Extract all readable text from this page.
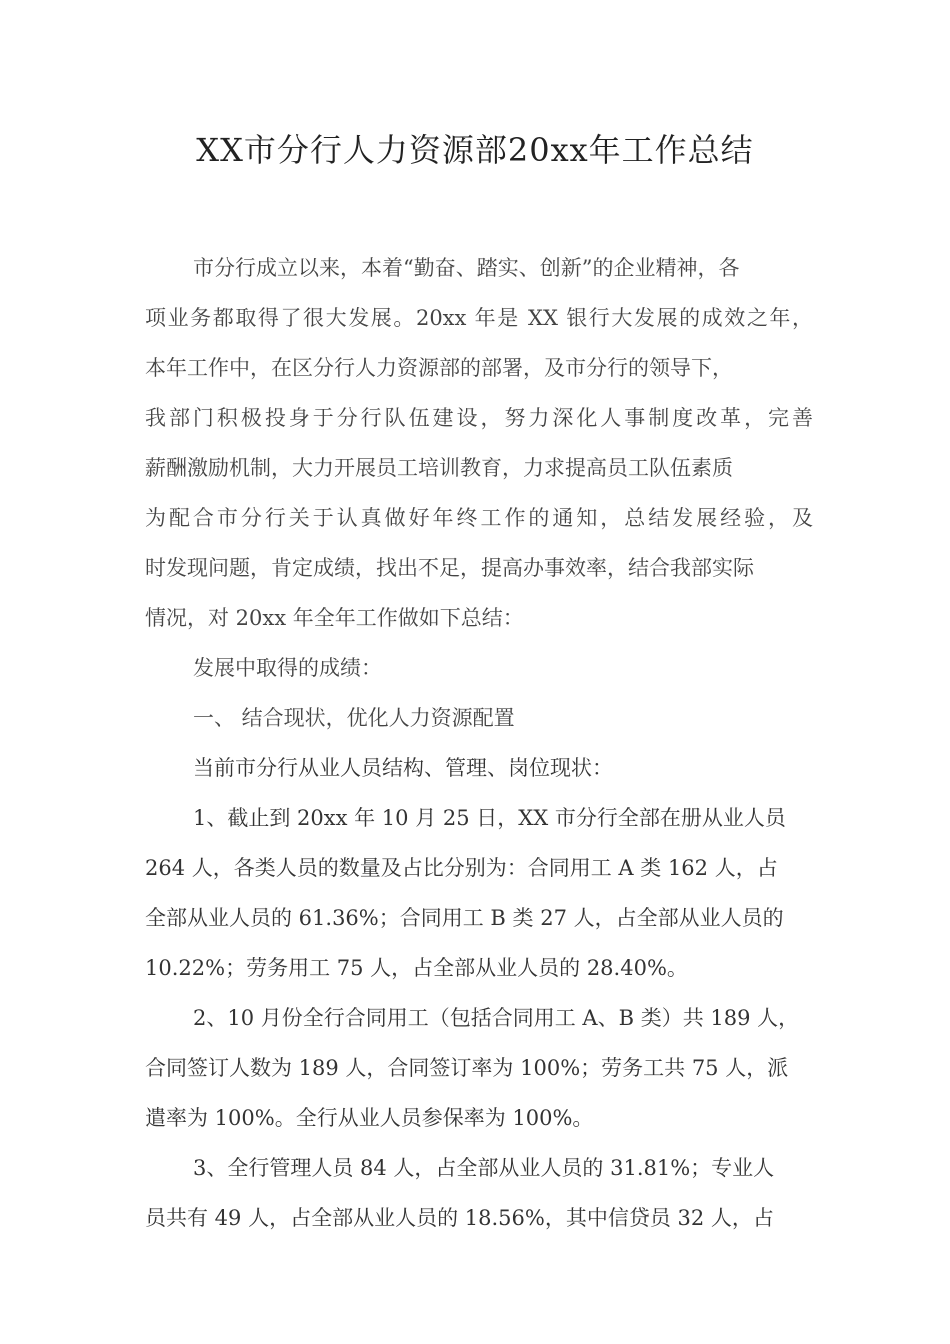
XX市分行人力资源部20xx年工作总结
市分行成立以来，本着“勤奋、踏实、创新”的企业精神，各
项业务都取得了很大发展。20xx 年是 XX 银行大发展的成效之年，
本年工作中，在区分行人力资源部的部署，及市分行的领导下，
我部门积极投身于分行队伍建设，努力深化人事制度改革，完善
薪酬激励机制，大力开展员工培训教育，力求提高员工队伍素质
为配合市分行关于认真做好年终工作的通知，总结发展经验，及
时发现问题，肯定成绩，找出不足，提高办事效率，结合我部实际
情况，对 20xx 年全年工作做如下总结：
发展中取得的成绩：
一、 结合现状，优化人力资源配置
当前市分行从业人员结构、管理、岗位现状：
1、截止到 20xx 年 10 月 25 日，XX 市分行全部在册从业人员
264 人，各类人员的数量及占比分别为：合同用工 A 类 162 人，占
全部从业人员的 61.36%；合同用工 B 类 27 人，占全部从业人员的
10.22%；劳务用工 75 人，占全部从业人员的 28.40%。
2、10 月份全行合同用工（包括合同用工 A、B 类）共 189 人，
合同签订人数为 189 人，合同签订率为 100%；劳务工共 75 人，派
遣率为 100%。全行从业人员参保率为 100%。
3、全行管理人员 84 人，占全部从业人员的 31.81%；专业人
员共有 49 人，占全部从业人员的 18.56%，其中信贷员 32 人，占
